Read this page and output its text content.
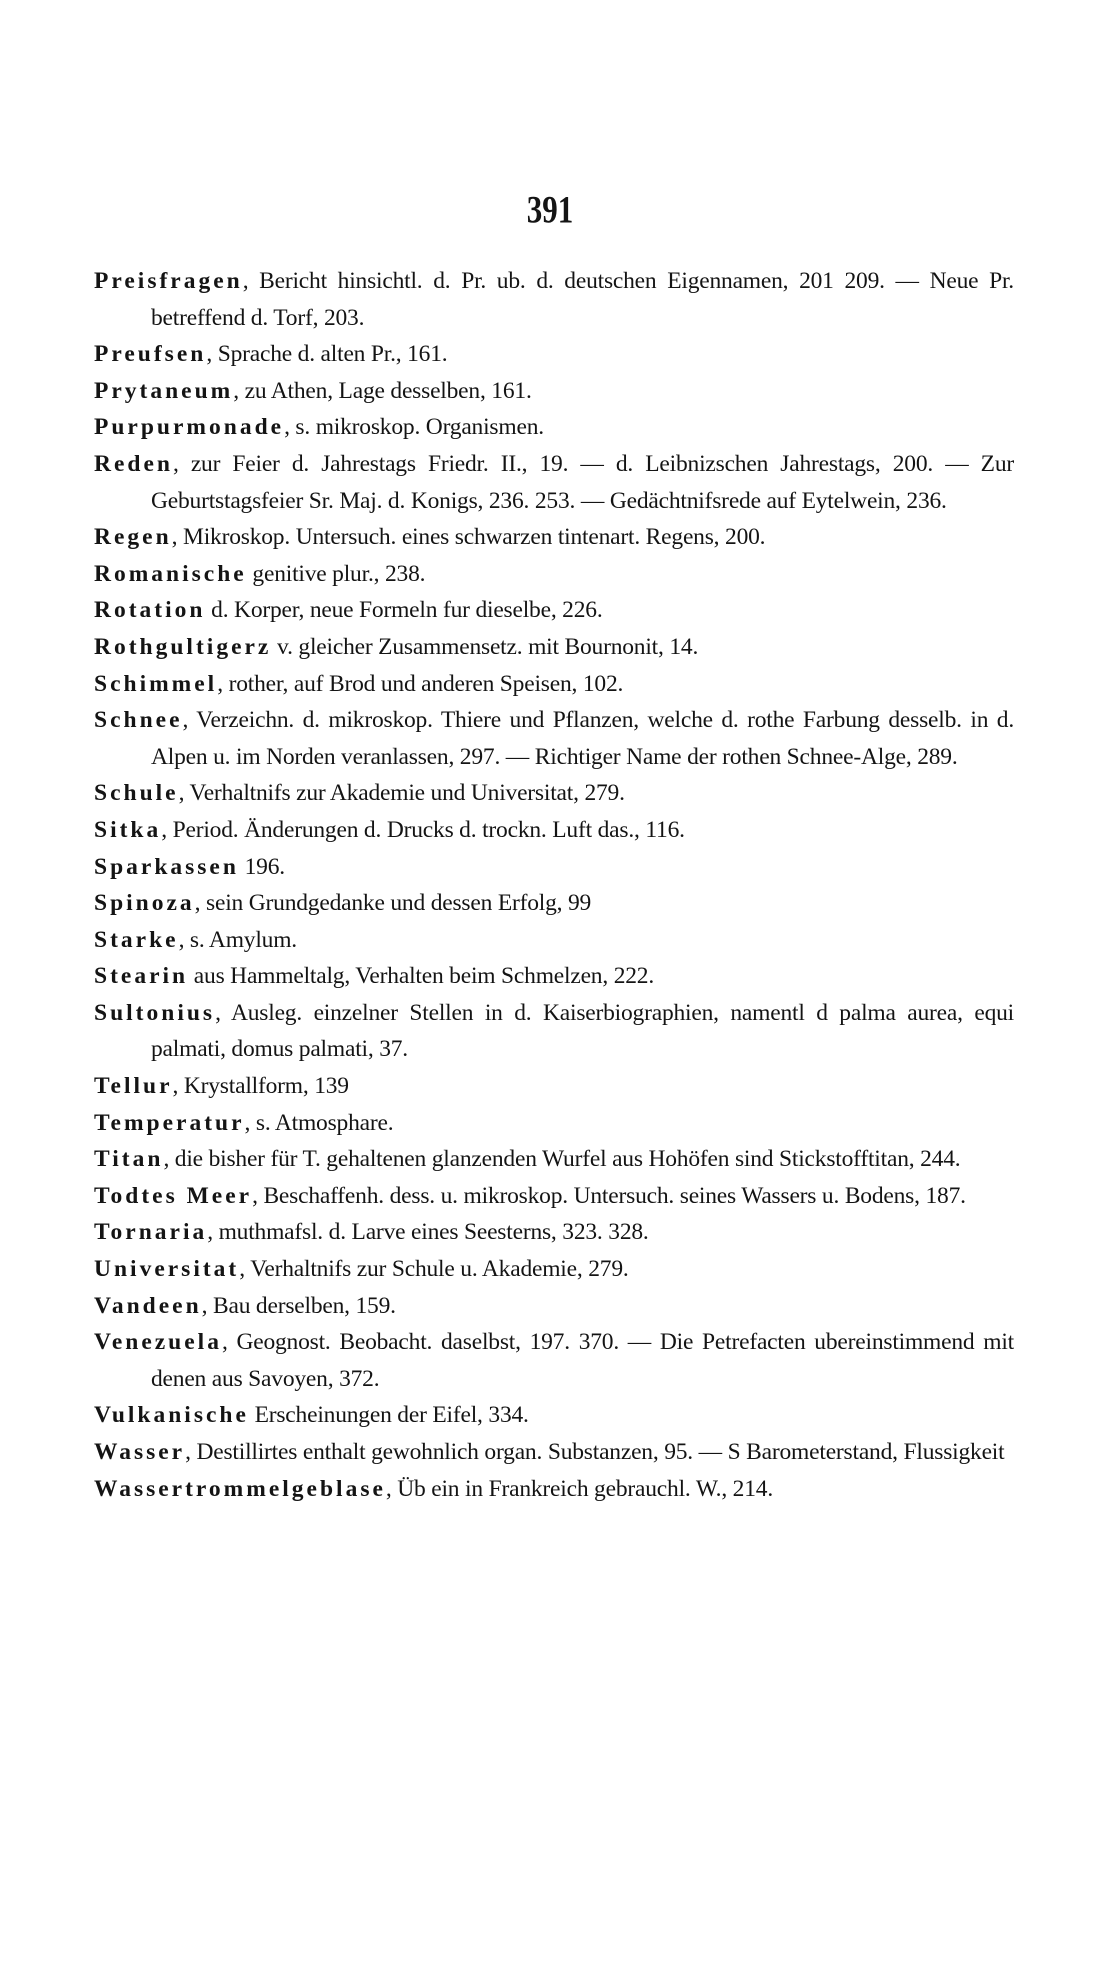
391
Preisfragen, Bericht hinsichtl. d. Pr. ub. d. deutschen Eigennamen, 201 209. — Neue Pr. betreffend d. Torf, 203.
Preufsen, Sprache d. alten Pr., 161.
Prytaneum, zu Athen, Lage desselben, 161.
Purpurmonade, s. mikroskop. Organismen.
Reden, zur Feier d. Jahrestags Friedr. II., 19. — d. Leibnizschen Jahrestags, 200. — Zur Geburtstagsfeier Sr. Maj. d. Konigs, 236. 253. — Gedächtnifsrede auf Eytelwein, 236.
Regen, Mikroskop. Untersuch. eines schwarzen tintenart. Regens, 200.
Romanische genitive plur., 238.
Rotation d. Korper, neue Formeln fur dieselbe, 226.
Rothgultigerz v. gleicher Zusammensetz. mit Bournonit, 14.
Schimmel, rother, auf Brod und anderen Speisen, 102.
Schnee, Verzeichn. d. mikroskop. Thiere und Pflanzen, welche d. rothe Farbung desselb. in d. Alpen u. im Norden veranlassen, 297. — Richtiger Name der rothen Schnee-Alge, 289.
Schule, Verhaltnifs zur Akademie und Universitat, 279.
Sitka, Period. Änderungen d. Drucks d. trockn. Luft das., 116.
Sparkassen 196.
Spinoza, sein Grundgedanke und dessen Erfolg, 99
Starke, s. Amylum.
Stearin aus Hammeltalg, Verhalten beim Schmelzen, 222.
Sultonius, Ausleg. einzelner Stellen in d. Kaiserbiographien, namentl d palma aurea, equi palmati, domus palmati, 37.
Tellur, Krystallform, 139
Temperatur, s. Atmosphare.
Titan, die bisher für T. gehaltenen glanzenden Wurfel aus Hohöfen sind Stickstofftitan, 244.
Todtes Meer, Beschaffenh. dess. u. mikroskop. Untersuch. seines Wassers u. Bodens, 187.
Tornaria, muthmafsl. d. Larve eines Seesterns, 323. 328.
Universitat, Verhaltnifs zur Schule u. Akademie, 279.
Vandeen, Bau derselben, 159.
Venezuela, Geognost. Beobacht. daselbst, 197. 370. — Die Petrefacten ubereinstimmend mit denen aus Savoyen, 372.
Vulkanische Erscheinungen der Eifel, 334.
Wasser, Destillirtes enthalt gewohnlich organ. Substanzen, 95. — S Barometerstand, Flussigkeit
Wassertrommelgeblase, Üb ein in Frankreich gebrauchl. W., 214.
